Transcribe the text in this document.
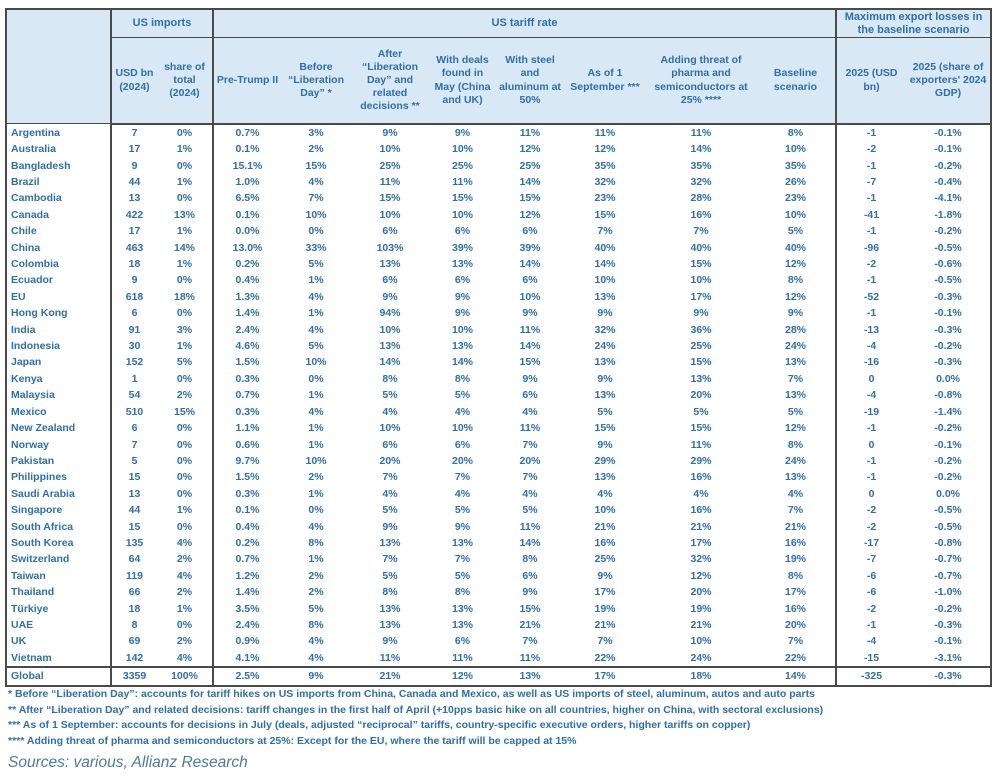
	US imports		US tariff rate								Maximum export losses in the baseline scenario	
	USD bn (2024)	share of total (2024)	Pre-Trump II	Before “Liberation Day” *	After “Liberation Day” and related decisions **	With deals found in May (China and UK)	With steel and aluminum at 50%	As of 1 September ***	Adding threat of pharma and semiconductors at 25% ****	Baseline scenario	2025 (USD bn)	2025 (share of exporters' 2024 GDP)
Argentina	7	0%	0.7%	3%	9%	9%	11%	11%	11%	8%	-1	-0.1%
Australia	17	1%	0.1%	2%	10%	10%	12%	12%	14%	10%	-2	-0.1%
Bangladesh	9	0%	15.1%	15%	25%	25%	25%	35%	35%	35%	-1	-0.2%
Brazil	44	1%	1.0%	4%	11%	11%	14%	32%	32%	26%	-7	-0.4%
Cambodia	13	0%	6.5%	7%	15%	15%	15%	23%	28%	23%	-1	-4.1%
Canada	422	13%	0.1%	10%	10%	10%	12%	15%	16%	10%	-41	-1.8%
Chile	17	1%	0.0%	0%	6%	6%	6%	7%	7%	5%	-1	-0.2%
China	463	14%	13.0%	33%	103%	39%	39%	40%	40%	40%	-96	-0.5%
Colombia	18	1%	0.2%	5%	13%	13%	14%	14%	15%	12%	-2	-0.6%
Ecuador	9	0%	0.4%	1%	6%	6%	6%	10%	10%	8%	-1	-0.5%
EU	618	18%	1.3%	4%	9%	9%	10%	13%	17%	12%	-52	-0.3%
Hong Kong	6	0%	1.4%	1%	94%	9%	9%	9%	9%	9%	-1	-0.1%
India	91	3%	2.4%	4%	10%	10%	11%	32%	36%	28%	-13	-0.3%
Indonesia	30	1%	4.6%	5%	13%	13%	14%	24%	25%	24%	-4	-0.2%
Japan	152	5%	1.5%	10%	14%	14%	15%	13%	15%	13%	-16	-0.3%
Kenya	1	0%	0.3%	0%	8%	8%	9%	9%	13%	7%	0	0.0%
Malaysia	54	2%	0.7%	1%	5%	5%	6%	13%	20%	13%	-4	-0.8%
Mexico	510	15%	0.3%	4%	4%	4%	4%	5%	5%	5%	-19	-1.4%
New Zealand	6	0%	1.1%	1%	10%	10%	11%	15%	15%	12%	-1	-0.2%
Norway	7	0%	0.6%	1%	6%	6%	7%	9%	11%	8%	0	-0.1%
Pakistan	5	0%	9.7%	10%	20%	20%	20%	29%	29%	24%	-1	-0.2%
Philippines	15	0%	1.5%	2%	7%	7%	7%	13%	16%	13%	-1	-0.2%
Saudi Arabia	13	0%	0.3%	1%	4%	4%	4%	4%	4%	4%	0	0.0%
Singapore	44	1%	0.1%	0%	5%	5%	5%	10%	16%	7%	-2	-0.5%
South Africa	15	0%	0.4%	4%	9%	9%	11%	21%	21%	21%	-2	-0.5%
South Korea	135	4%	0.2%	8%	13%	13%	14%	16%	17%	16%	-17	-0.8%
Switzerland	64	2%	0.7%	1%	7%	7%	8%	25%	32%	19%	-7	-0.7%
Taiwan	119	4%	1.2%	2%	5%	5%	6%	9%	12%	8%	-6	-0.7%
Thailand	66	2%	1.4%	2%	8%	8%	9%	17%	20%	17%	-6	-1.0%
Türkiye	18	1%	3.5%	5%	13%	13%	15%	19%	19%	16%	-2	-0.2%
UAE	8	0%	2.4%	8%	13%	13%	21%	21%	21%	20%	-1	-0.3%
UK	69	2%	0.9%	4%	9%	6%	7%	7%	10%	7%	-4	-0.1%
Vietnam	142	4%	4.1%	4%	11%	11%	11%	22%	24%	22%	-15	-3.1%
Global	3359	100%	2.5%	9%	21%	12%	13%	17%	18%	14%	-325	-0.3%
* Before “Liberation Day”: accounts for tariff hikes on US imports from China, Canada and Mexico, as well as US imports of steel, aluminum, autos and auto parts
** After “Liberation Day” and related decisions: tariff changes in the first half of April (+10pps basic hike on all countries, higher on China, with sectoral exclusions)
*** As of 1 September: accounts for decisions in July (deals, adjusted “reciprocal” tariffs, country-specific executive orders, higher tariffs on copper)
**** Adding threat of pharma and semiconductors at 25%: Except for the EU, where the tariff will be capped at 15%
Sources: various, Allianz Research
